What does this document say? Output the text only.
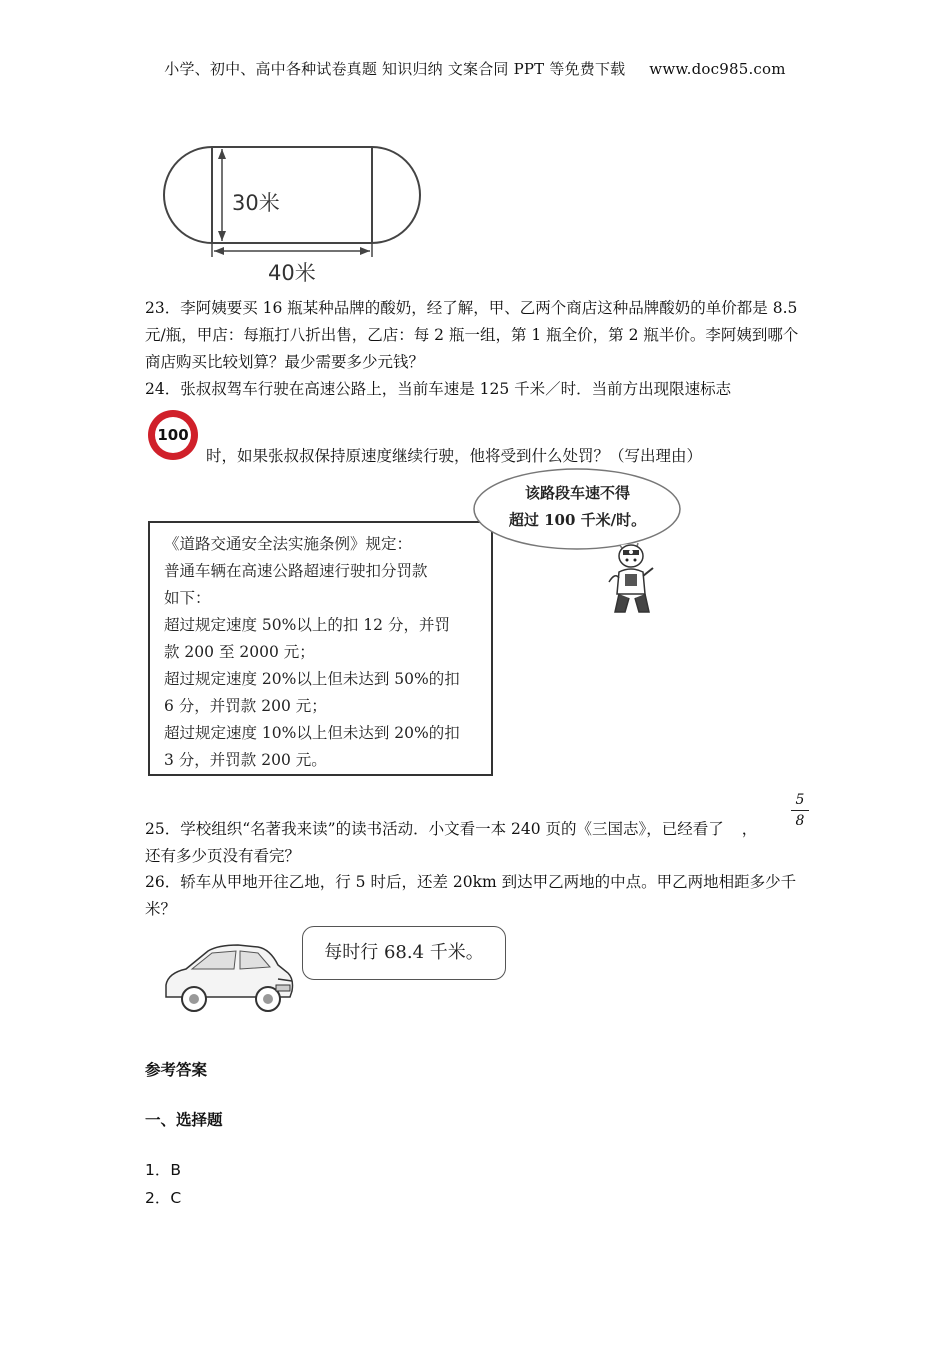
小学、初中、高中各种试卷真题 知识归纳 文案合同 PPT 等免费下载 www.doc985.com
30米
40米
23．李阿姨要买 16 瓶某种品牌的酸奶，经了解，甲、乙两个商店这种品牌酸奶的单价都是 8.5 元/瓶，甲店：每瓶打八折出售，乙店：每 2 瓶一组，第 1 瓶全价，第 2 瓶半价。李阿姨到哪个商店购买比较划算？最少需要多少元钱？
24．张叔叔驾车行驶在高速公路上，当前车速是 125 千米／时．当前方出现限速标志
100
时，如果张叔叔保持原速度继续行驶，他将受到什么处罚？（写出理由）
《道路交通安全法实施条例》规定：
普通车辆在高速公路超速行驶扣分罚款
如下：
超过规定速度 50%以上的扣 12 分，并罚
款 200 至 2000 元；
超过规定速度 20%以上但未达到 50%的扣
6 分，并罚款 200 元；
超过规定速度 10%以上但未达到 20%的扣
3 分，并罚款 200 元。
该路段车速不得
超过 100 千米/时。
5
8
25．学校组织“名著我来读”的读书活动．小文看一本 240 页的《三国志》，已经看了 ，
还有多少页没有看完？
26．轿车从甲地开往乙地，行 5 时后，还差 20km 到达甲乙两地的中点。甲乙两地相距多少千米？
每时行 68.4 千米。
参考答案
一、选择题
1．B
2．C
